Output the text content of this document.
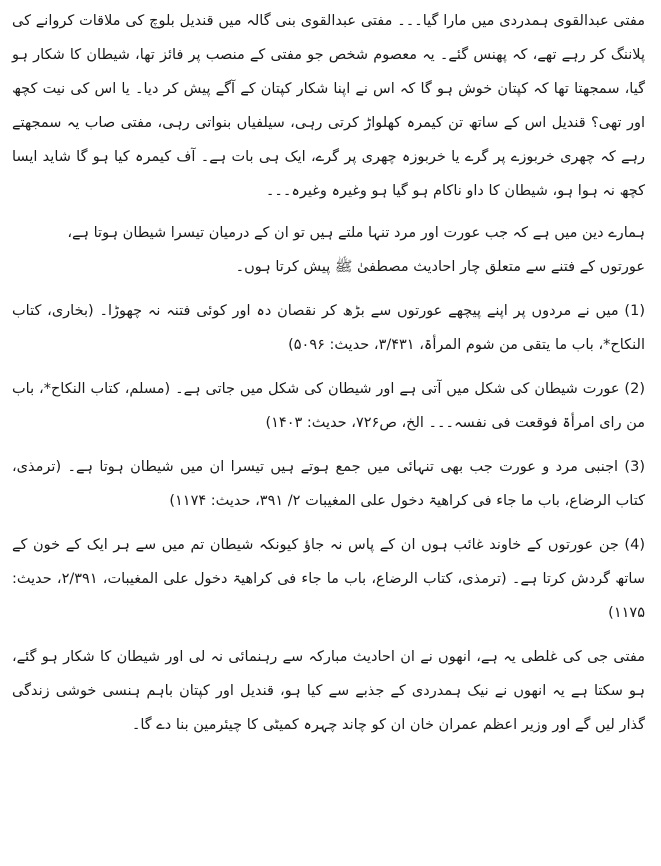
مفتی عبدالقوی ہمدردی میں مارا گیا۔۔۔ مفتی عبدالقوی بنی گالہ میں قندیل بلوچ کی ملاقات کروانے کی پلاننگ کر رہے تھے، کہ پھنس گئے۔ یہ معصوم شخص جو مفتی کے منصب پر فائز تھا، شیطان کا شکار ہو گیا، سمجھتا تھا کہ کپتان خوش ہو گا کہ اس نے اپنا شکار کپتان کے آگے پیش کر دیا۔ یا اس کی نیت کچھ اور تھی؟ قندیل اس کے ساتھ تن کیمرہ کھلواڑ کرتی رہی، سیلفیاں بنواتی رہی، مفتی صاب یہ سمجھتے رہے کہ چھری خربوزے پر گرے یا خربوزہ چھری پر گرے، ایک ہی بات ہے۔ آف کیمرہ کیا ہو گا شاید ایسا کچھ نہ ہوا ہو، شیطان کا داو ناکام ہو گیا ہو وغیرہ وغیرہ۔۔۔

ہمارے دین میں ہے کہ جب عورت اور مرد تنہا ملتے ہیں تو ان کے درمیان تیسرا شیطان ہوتا ہے،

عورتوں کے فتنے سے متعلق چار احادیث مصطفیٰ ﷺ پیش کرتا ہوں۔

(1) میں نے مردوں پر اپنے پیچھے عورتوں سے بڑھ کر نقصان دہ اور کوئی فتنہ نہ چھوڑا۔ (بخاری، کتاب النکاح*، باب ما یتقی من شوم المرأۃ، ۳/۴۳۱، حدیث: ۵۰۹۶)

(2) عورت شیطان کی شکل میں آتی ہے اور شیطان کی شکل میں جاتی ہے۔ (مسلم، کتاب النکاح*، باب من رای امرأۃ فوقعت فی نفسہ۔۔۔ الخ، ص۷۲۶، حدیث: ۱۴۰۳)

(3) اجنبی مرد و عورت جب بھی تنہائی میں جمع ہوتے ہیں تیسرا ان میں شیطان ہوتا ہے۔ (ترمذی، کتاب الرضاع، باب ما جاء فی کراھیۃ دخول علی المغیبات ۲/ ۳۹۱، حدیث: ۱۱۷۴)

(4) جن عورتوں کے خاوند غائب ہوں ان کے پاس نہ جاؤ کیونکہ شیطان تم میں سے ہر ایک کے خون کے ساتھ گردش کرتا ہے۔ (ترمذی، کتاب الرضاع، باب ما جاء فی کراھیۃ دخول علی المغیبات، ۲/۳۹۱، حدیث: ۱۱۷۵)

مفتی جی کی غلطی یہ ہے، انھوں نے ان احادیث مبارکہ سے رہنمائی نہ لی اور شیطان کا شکار ہو گئے، ہو سکتا ہے یہ انھوں نے نیک ہمدردی کے جذبے سے کیا ہو، قندیل اور کپتان باہم ہنسی خوشی زندگی گذار لیں گے اور وزیر اعظم عمران خان ان کو چاند چہرہ کمیٹی کا چیئرمین بنا دے گا۔
